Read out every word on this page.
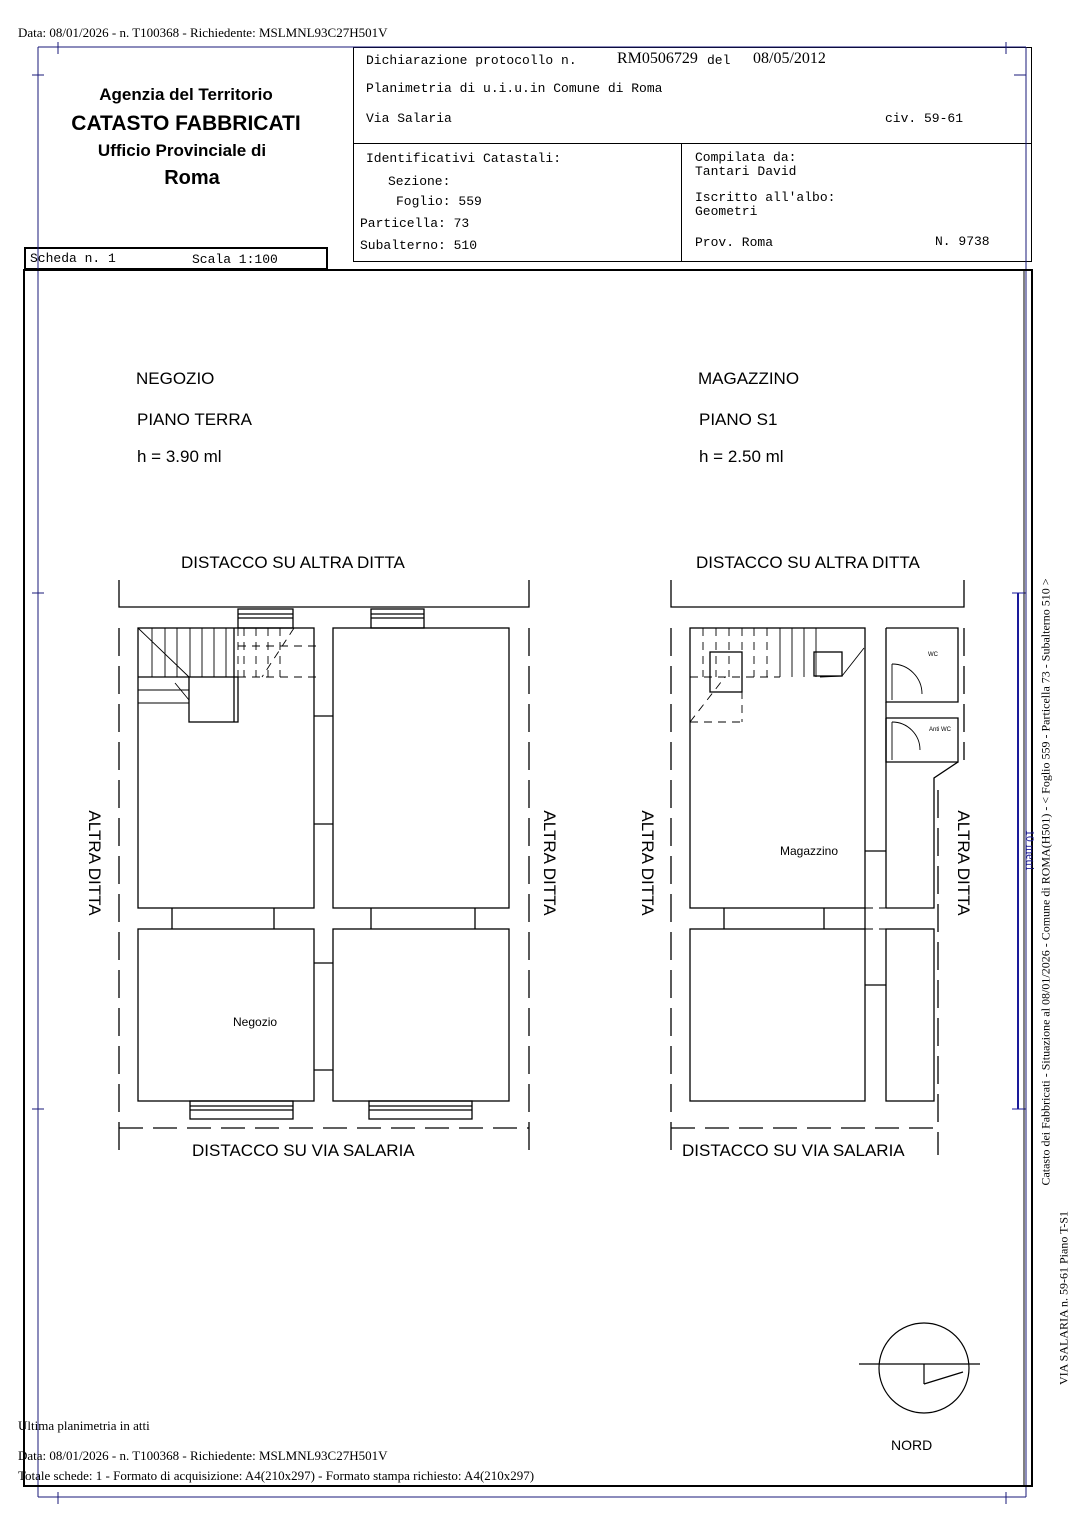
Data: 08/01/2026 - n. T100368 - Richiedente: MSLMNL93C27H501V
Agenzia del Territorio
CATASTO FABBRICATI
Ufficio Provinciale di
Roma
Scheda n. 1	Scala 1:100
Dichiarazione protocollo n.	RM0506729 del 08/05/2012
Planimetria di u.i.u.in Comune di Roma
Via Salaria	civ. 59-61
Identificativi Catastali:
Sezione:
Foglio: 559
Particella: 73
Subalterno: 510
Compilata da:
Tantari David
Iscritto all'albo:
Geometri
Prov. Roma	N. 9738
NEGOZIO
PIANO TERRA
h = 3.90 ml
DISTACCO SU ALTRA DITTA
DISTACCO SU VIA SALARIA
ALTRA DITTA	ALTRA DITTA
Negozio
MAGAZZINO
PIANO S1
h = 2.50 ml
DISTACCO SU ALTRA DITTA
DISTACCO SU VIA SALARIA
ALTRA DITTA	ALTRA DITTA
Magazzino
WC
Anti WC
10 metri Catasto dei Fabbricati - Situazione al 08/01/2026 - Comune di ROMA(H501) - < Foglio 559 - Particella 73 - Subalterno 510 >
VIA SALARIA n. 59-61 Piano T-S1
NORD
Ultima planimetria in atti
Data: 08/01/2026 - n. T100368 - Richiedente: MSLMNL93C27H501V
Totale schede: 1 - Formato di acquisizione: A4(210x297) - Formato stampa richiesto: A4(210x297)
